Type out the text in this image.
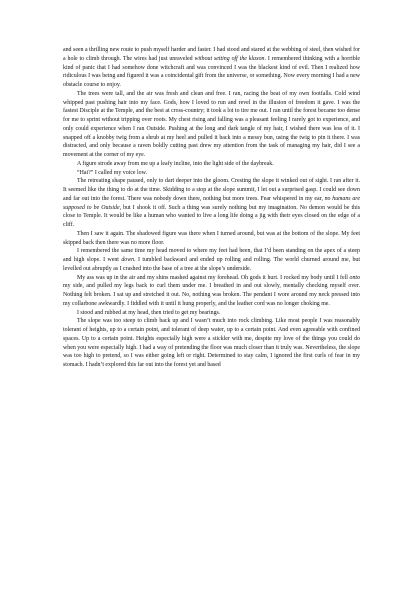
and seen a thrilling new route to push myself harder and faster. I had stood and stared at the webbing of steel, then wished for a hole to climb through. The wires had just unraveled without setting off the klaxon. I remembered thinking with a horrible kind of panic that I had somehow done witchcraft and was convinced I was the blackest kind of evil. Then I realized how ridiculous I was being and figured it was a coincidental gift from the universe, or something. Now every morning I had a new obstacle course to enjoy.

The trees were tall, and the air was fresh and clean and free. I ran, racing the beat of my own footfalls. Cold wind whipped past pushing hair into my face. Gods, how I loved to run and revel in the illusion of freedom it gave. I was the fastest Disciple at the Temple, and the best at cross-country; it took a lot to tire me out. I ran until the forest became too dense for me to sprint without tripping over roots. My chest rising and falling was a pleasant feeling I rarely got to experience, and only could experience when I ran Outside. Pushing at the long and dark tangle of my hair, I wished there was less of it. I snapped off a knobby twig from a shrub at my heel and pulled it back into a messy bun, using the twig to pin it there. I was distracted, and only because a raven boldly cutting past drew my attention from the task of managing my hair, did I see a movement at the corner of my eye.

A figure strode away from me up a leafy incline, into the light side of the daybreak.

“Hai?” I called my voice low.

The retreating shape paused, only to dart deeper into the gloom. Cresting the slope it winked out of sight. I ran after it. It seemed like the thing to do at the time. Skidding to a stop at the slope summit, I let out a surprised gasp. I could see down and far out into the forest. There was nobody down there, nothing but more trees. Fear whispered in my ear, no humans are supposed to be Outside, but I shook it off. Such a thing was surely nothing but my imagination. No demon would be this close to Temple. It would be like a human who wanted to live a long life doing a jig with their eyes closed on the edge of a cliff.

Then I saw it again. The shadowed figure was there when I turned around, but was at the bottom of the slope. My feet skipped back then there was no more floor.

I remembered the same time my head moved to where my feet had been, that I’d been standing on the apex of a steep and high slope. I went down. I tumbled backward and ended up rolling and rolling. The world churned around me, but levelled out abruptly as I crashed into the base of a tree at the slope’s underside.

My ass was up in the air and my shins mashed against my forehead. Oh gods it hurt. I rocked my body until I fell onto my side, and pulled my legs back to curl them under me. I breathed in and out slowly, mentally checking myself over. Nothing felt broken. I sat up and stretched it out. No, nothing was broken. The pendant I wore around my neck pressed into my collarbone awkwardly. I fiddled with it until it hung properly, and the leather cord was no longer choking me.

I stood and rubbed at my head, then tried to get my bearings.

The slope was too steep to climb back up and I wasn’t much into rock climbing. Like most people I was reasonably tolerant of heights, up to a certain point, and tolerant of deep water, up to a certain point. And even agreeable with confined spaces. Up to a certain point. Heights especially high were a stickler with me, despite my love of the things you could do when you were especially high. I had a way of pretending the floor was much closer than it truly was. Nevertheless, the slope was too high to pretend, so I was either going left or right. Determined to stay calm, I ignored the first curls of fear in my stomach. I hadn’t explored this far out into the forest yet and based
